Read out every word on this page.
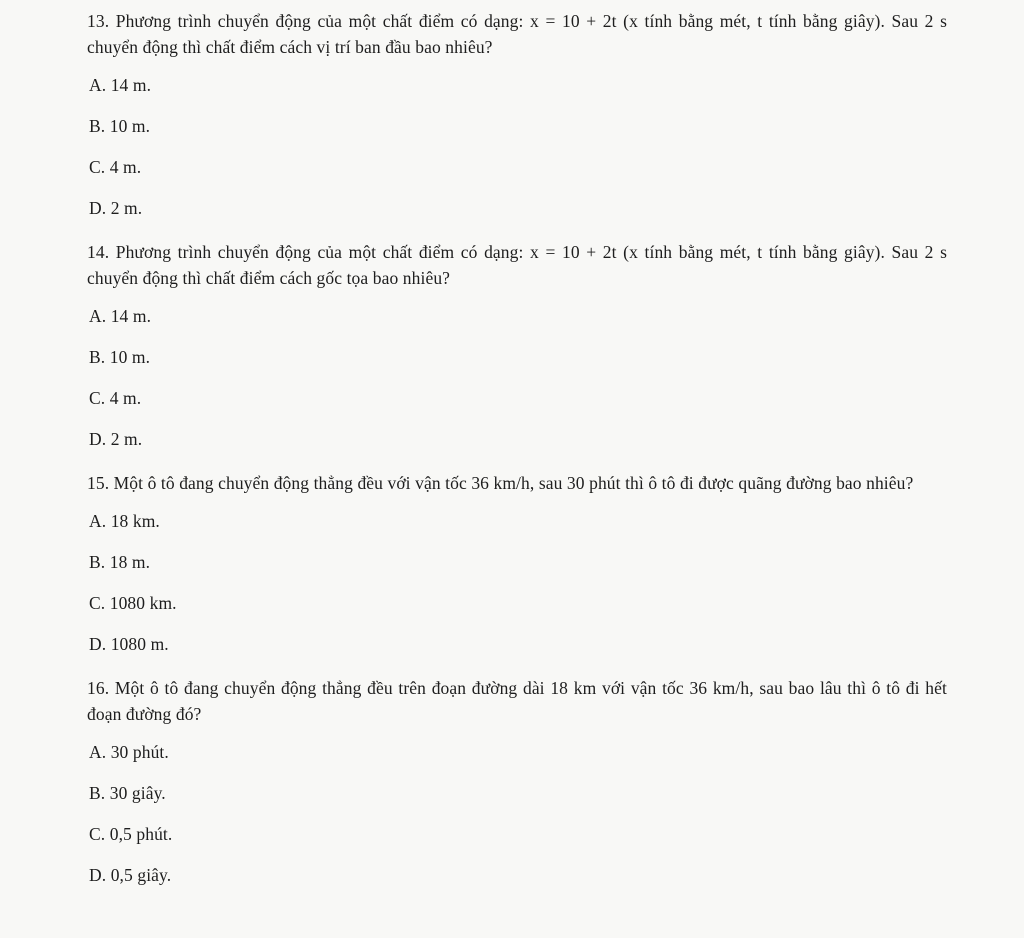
13. Phương trình chuyển động của một chất điểm có dạng: x = 10 + 2t (x tính bằng mét, t tính bằng giây). Sau 2 s chuyển động thì chất điểm cách vị trí ban đầu bao nhiêu?

A. 14 m.
B. 10 m.
C. 4 m.
D. 2 m.

14. Phương trình chuyển động của một chất điểm có dạng: x = 10 + 2t (x tính bằng mét, t tính bằng giây). Sau 2 s chuyển động thì chất điểm cách gốc tọa bao nhiêu?

A. 14 m.
B. 10 m.
C. 4 m.
D. 2 m.

15. Một ô tô đang chuyển động thẳng đều với vận tốc 36 km/h, sau 30 phút thì ô tô đi được quãng đường bao nhiêu?

A. 18 km.
B. 18 m.
C. 1080 km.
D. 1080 m.

16. Một ô tô đang chuyển động thẳng đều trên đoạn đường dài 18 km với vận tốc 36 km/h, sau bao lâu thì ô tô đi hết đoạn đường đó?

A. 30 phút.
B. 30 giây.
C. 0,5 phút.
D. 0,5 giây.
